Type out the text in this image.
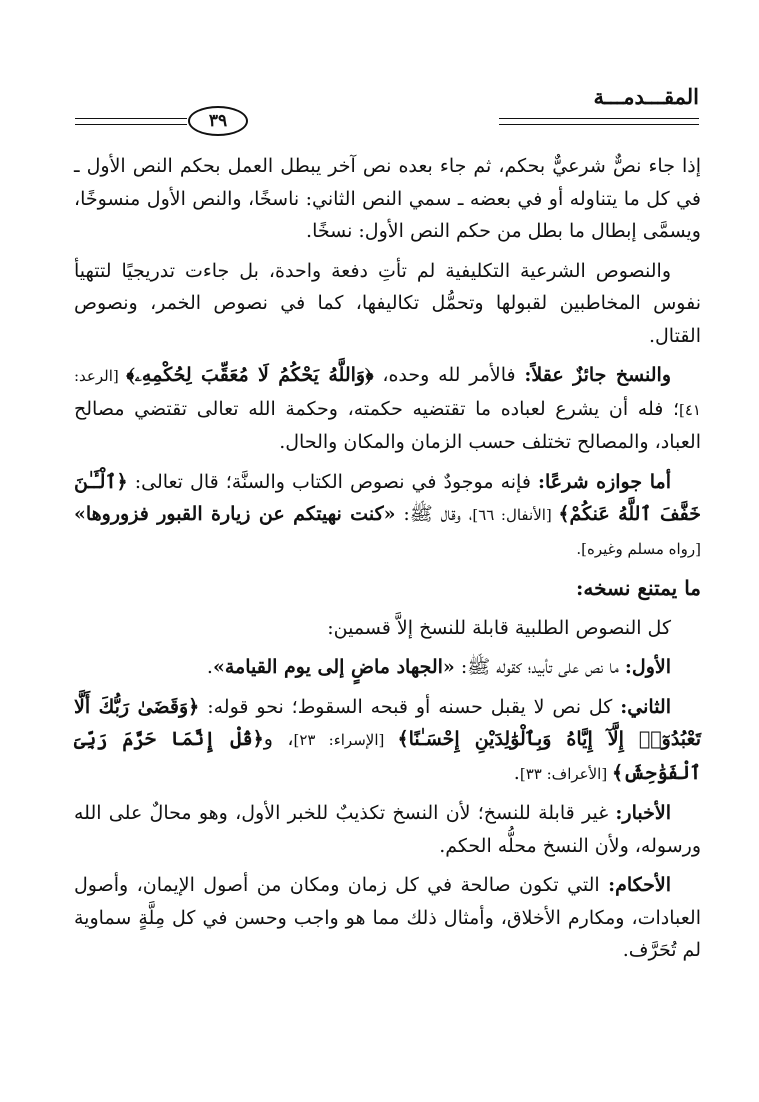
المقـــدمـــة
٣٩

إذا جاء نصٌّ شرعيٌّ بحكم، ثم جاء بعده نص آخر يبطل العمل بحكم النص الأول ـ في كل ما يتناوله أو في بعضه ـ سمي النص الثاني: ناسخًا، والنص الأول منسوخًا، ويسمَّى إبطال ما بطل من حكم النص الأول: نسخًا.

والنصوص الشرعية التكليفية لم تأتِ دفعة واحدة، بل جاءت تدريجيًا لتتهيأ نفوس المخاطبين لقبولها وتحمُّل تكاليفها، كما في نصوص الخمر، ونصوص القتال.

والنسخ جائزٌ عقلاً: فالأمر لله وحده، ﴿وَاللَّهُ يَحْكُمُ لَا مُعَقِّبَ لِحُكْمِهِۦ﴾ [الرعد: ٤١]؛ فله أن يشرع لعباده ما تقتضيه حكمته، وحكمة الله تعالى تقتضي مصالح العباد، والمصالح تختلف حسب الزمان والمكان والحال.

أما جوازه شرعًا: فإنه موجودٌ في نصوص الكتاب والسنَّة؛ قال تعالى: ﴿ٱلْـَٔـٰنَ خَفَّفَ ٱللَّهُ عَنكُمْ﴾ [الأنفال: ٦٦]، وقال ﷺ: «كنت نهيتكم عن زيارة القبور فزوروها» [رواه مسلم وغيره].

ما يمتنع نسخه:

كل النصوص الطلبية قابلة للنسخ إلاَّ قسمين:

الأول: ما نص على تأبيد؛ كقوله ﷺ: «الجهاد ماضٍ إلى يوم القيامة».

الثاني: كل نص لا يقبل حسنه أو قبحه السقوط؛ نحو قوله: ﴿وَقَضَىٰ رَبُّكَ أَلَّا تَعْبُدُوٓا۟ إِلَّآ إِيَّاهُ وَبِٱلْوَٰلِدَيْنِ إِحْسَـٰنًا﴾ [الإسراء: ٢٣]، و﴿قُلْ إِنَّمَا حَرَّمَ رَبِّىَ ٱلْفَوَٰحِشَ﴾ [الأعراف: ٣٣].

الأخبار: غير قابلة للنسخ؛ لأن النسخ تكذيبٌ للخبر الأول، وهو محالٌ على الله ورسوله، ولأن النسخ محلُّه الحكم.

الأحكام: التي تكون صالحة في كل زمان ومكان من أصول الإيمان، وأصول العبادات، ومكارم الأخلاق، وأمثال ذلك مما هو واجب وحسن في كل مِلَّةٍ سماوية لم تُحَرَّف.
